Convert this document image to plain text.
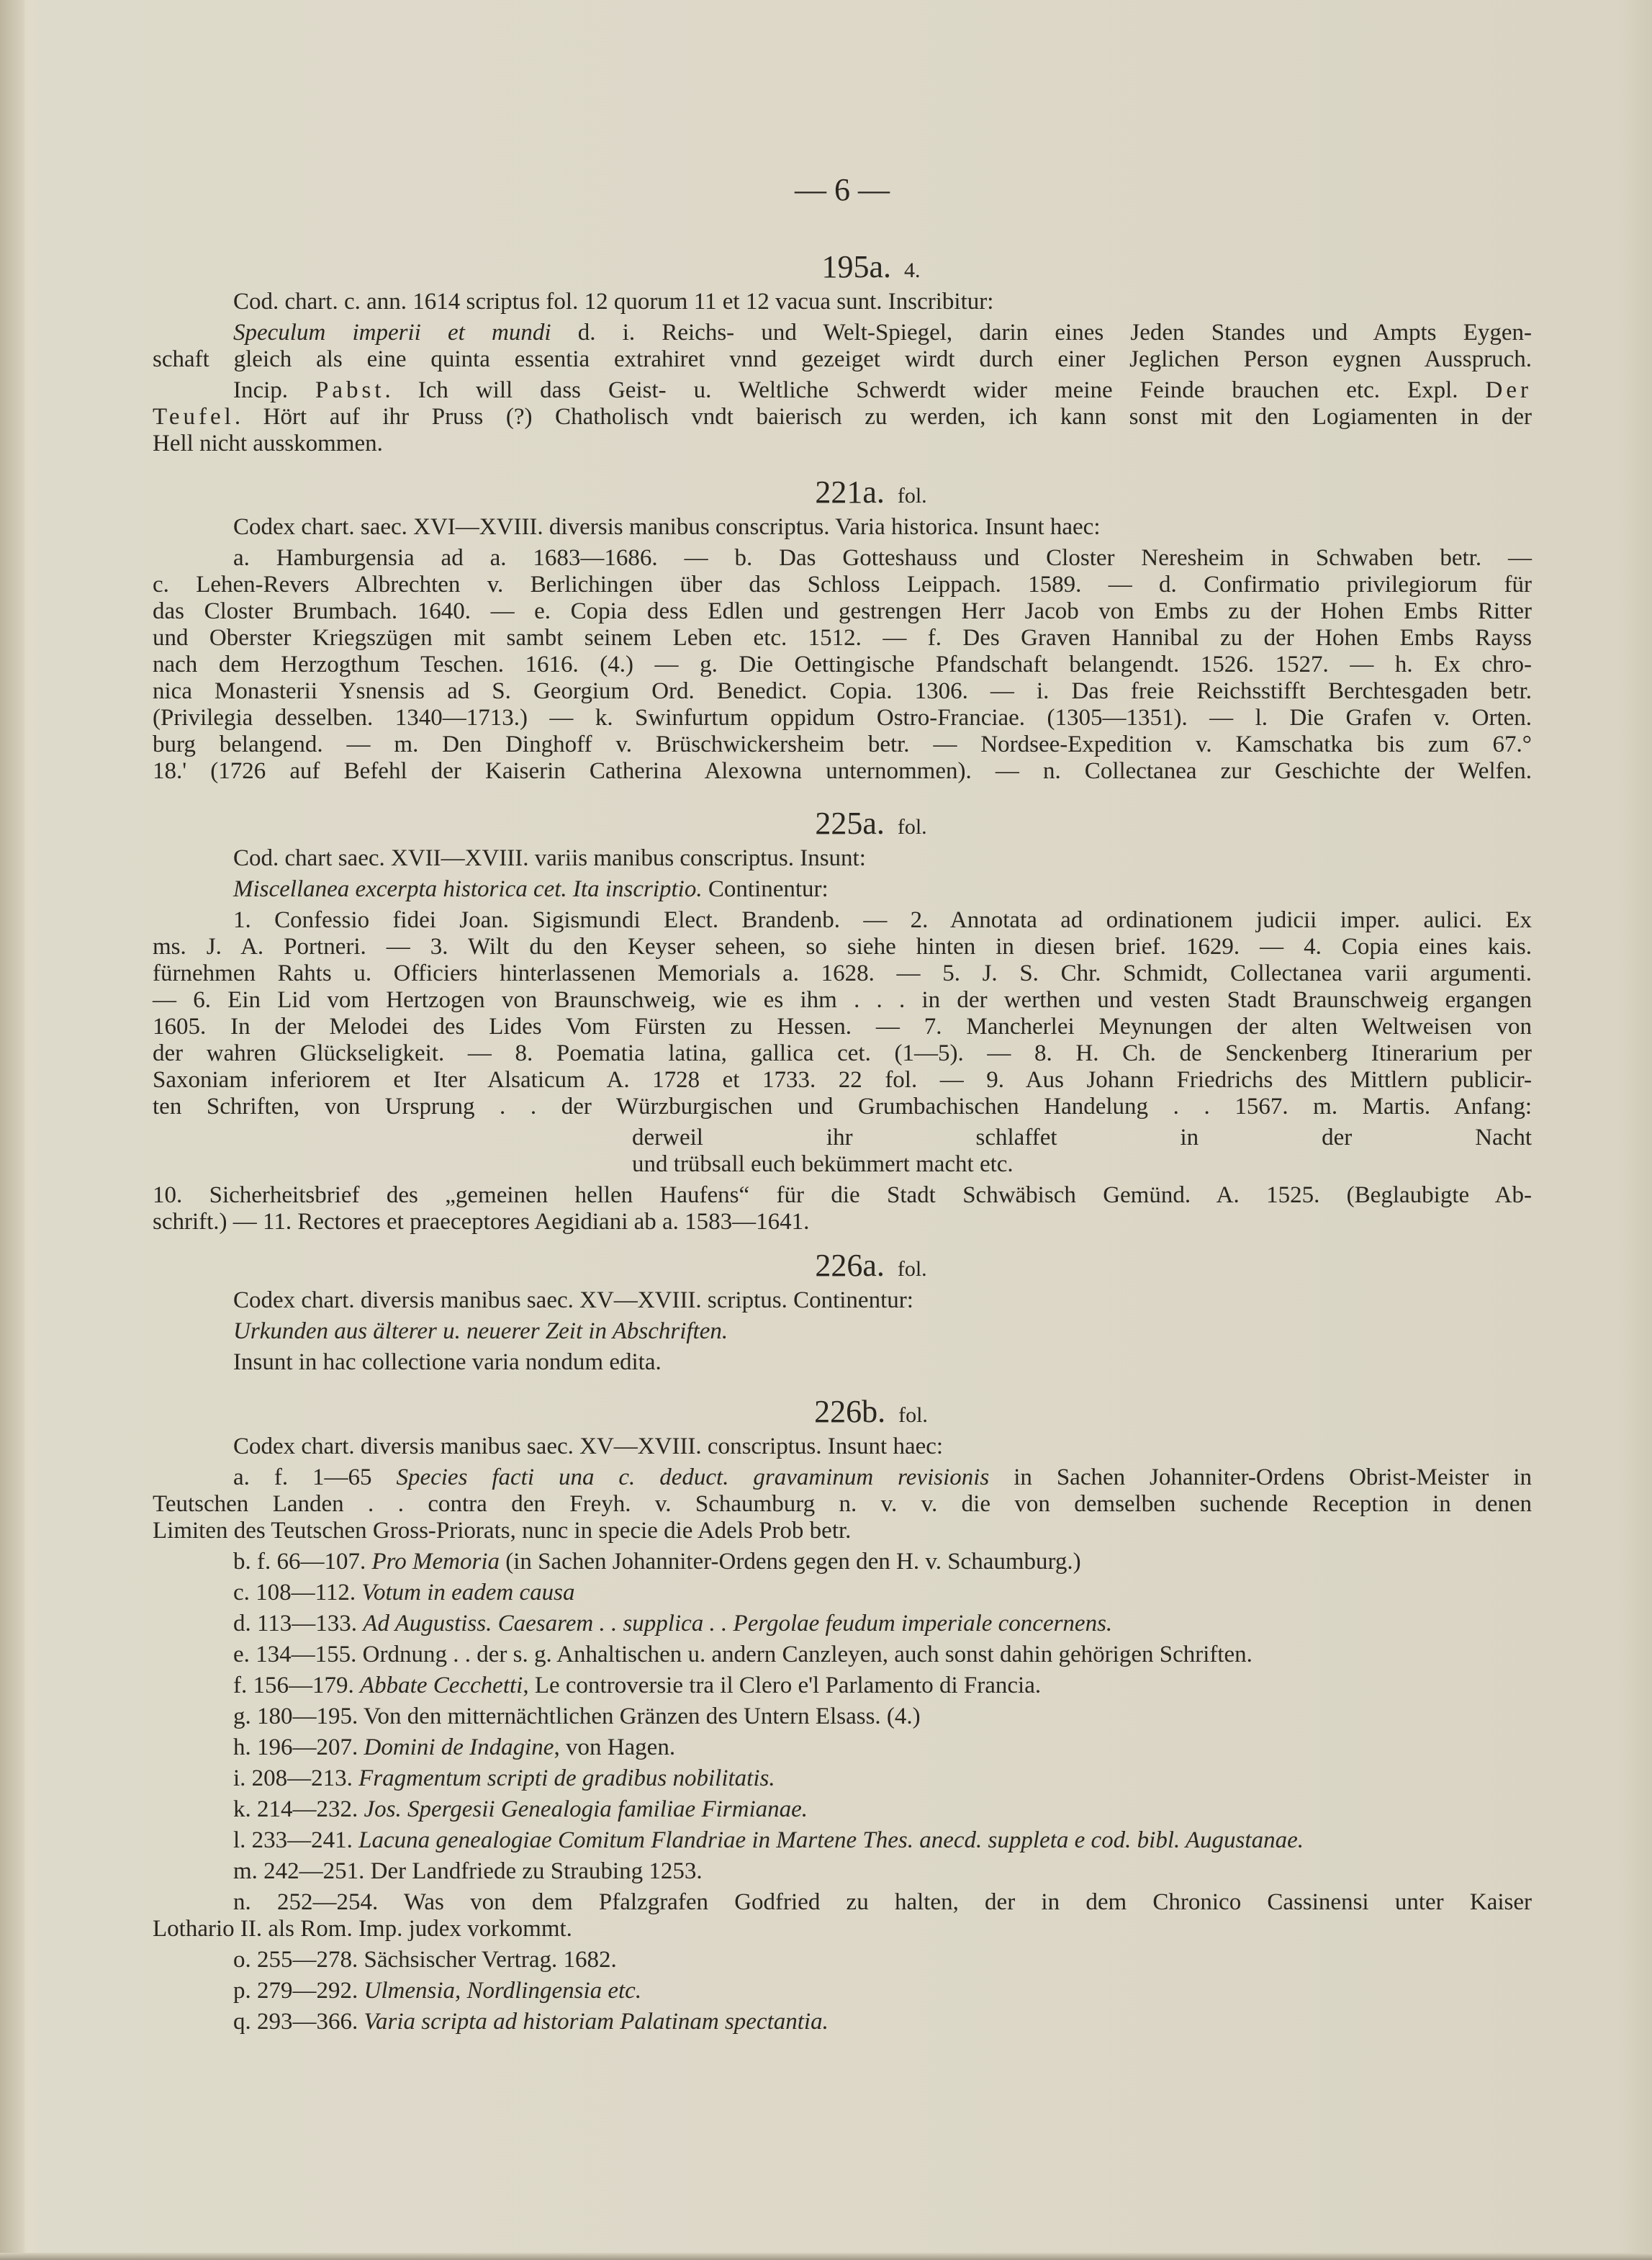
— 6 —
195a. 4.
Cod. chart. c. ann. 1614 scriptus fol. 12 quorum 11 et 12 vacua sunt. Inscribitur:
Speculum imperii et mundi d. i. Reichs- und Welt-Spiegel, darin eines Jeden Standes und Ampts Eygen-
schaft gleich als eine quinta essentia extrahiret vnnd gezeiget wirdt durch einer Jeglichen Person eygnen Ausspruch.
Incip. Pabst. Ich will dass Geist- u. Weltliche Schwerdt wider meine Feinde brauchen etc. Expl. Der
Teufel. Hört auf ihr Pruss (?) Chatholisch vndt baierisch zu werden, ich kann sonst mit den Logiamenten in der
Hell nicht ausskommen.
221a. fol.
Codex chart. saec. XVI—XVIII. diversis manibus conscriptus. Varia historica. Insunt haec:
a. Hamburgensia ad a. 1683—1686. — b. Das Gotteshauss und Closter Neresheim in Schwaben betr. —
c. Lehen-Revers Albrechten v. Berlichingen über das Schloss Leippach. 1589. — d. Confirmatio privilegiorum für
das Closter Brumbach. 1640. — e. Copia dess Edlen und gestrengen Herr Jacob von Embs zu der Hohen Embs Ritter
und Oberster Kriegszügen mit sambt seinem Leben etc. 1512. — f. Des Graven Hannibal zu der Hohen Embs Rayss
nach dem Herzogthum Teschen. 1616. (4.) — g. Die Oettingische Pfandschaft belangendt. 1526. 1527. — h. Ex chro-
nica Monasterii Ysnensis ad S. Georgium Ord. Benedict. Copia. 1306. — i. Das freie Reichsstifft Berchtesgaden betr.
(Privilegia desselben. 1340—1713.) — k. Swinfurtum oppidum Ostro-Franciae. (1305—1351). — l. Die Grafen v. Orten.
burg belangend. — m. Den Dinghoff v. Brüschwickersheim betr. — Nordsee-Expedition v. Kamschatka bis zum 67.°
18.' (1726 auf Befehl der Kaiserin Catherina Alexowna unternommen). — n. Collectanea zur Geschichte der Welfen.
225a. fol.
Cod. chart saec. XVII—XVIII. variis manibus conscriptus. Insunt:
Miscellanea excerpta historica cet. Ita inscriptio. Continentur:
1. Confessio fidei Joan. Sigismundi Elect. Brandenb. — 2. Annotata ad ordinationem judicii imper. aulici. Ex
ms. J. A. Portneri. — 3. Wilt du den Keyser seheen, so siehe hinten in diesen brief. 1629. — 4. Copia eines kais.
fürnehmen Rahts u. Officiers hinterlassenen Memorials a. 1628. — 5. J. S. Chr. Schmidt, Collectanea varii argumenti.
— 6. Ein Lid vom Hertzogen von Braunschweig, wie es ihm . . . in der werthen und vesten Stadt Braunschweig ergangen
1605. In der Melodei des Lides Vom Fürsten zu Hessen. — 7. Mancherlei Meynungen der alten Weltweisen von
der wahren Glückseligkeit. — 8. Poematia latina, gallica cet. (1—5). — 8. H. Ch. de Senckenberg Itinerarium per
Saxoniam inferiorem et Iter Alsaticum A. 1728 et 1733. 22 fol. — 9. Aus Johann Friedrichs des Mittlern publicir-
ten Schriften, von Ursprung . . der Würzburgischen und Grumbachischen Handelung . . 1567. m. Martis. Anfang:
derweil ihr schlaffet in der Nacht
und trübsall euch bekümmert macht etc.
10. Sicherheitsbrief des „gemeinen hellen Haufens“ für die Stadt Schwäbisch Gemünd. A. 1525. (Beglaubigte Ab-
schrift.) — 11. Rectores et praeceptores Aegidiani ab a. 1583—1641.
226a. fol.
Codex chart. diversis manibus saec. XV—XVIII. scriptus. Continentur:
Urkunden aus älterer u. neuerer Zeit in Abschriften.
Insunt in hac collectione varia nondum edita.
226b. fol.
Codex chart. diversis manibus saec. XV—XVIII. conscriptus. Insunt haec:
a. f. 1—65 Species facti una c. deduct. gravaminum revisionis in Sachen Johanniter-Ordens Obrist-Meister in
Teutschen Landen . . contra den Freyh. v. Schaumburg n. v. v. die von demselben suchende Reception in denen
Limiten des Teutschen Gross-Priorats, nunc in specie die Adels Prob betr.
b. f. 66—107. Pro Memoria (in Sachen Johanniter-Ordens gegen den H. v. Schaumburg.)
c. 108—112. Votum in eadem causa
d. 113—133. Ad Augustiss. Caesarem . . supplica . . Pergolae feudum imperiale concernens.
e. 134—155. Ordnung . . der s. g. Anhaltischen u. andern Canzleyen, auch sonst dahin gehörigen Schriften.
f. 156—179. Abbate Cecchetti, Le controversie tra il Clero e'l Parlamento di Francia.
g. 180—195. Von den mitternächtlichen Gränzen des Untern Elsass. (4.)
h. 196—207. Domini de Indagine, von Hagen.
i. 208—213. Fragmentum scripti de gradibus nobilitatis.
k. 214—232. Jos. Spergesii Genealogia familiae Firmianae.
l. 233—241. Lacuna genealogiae Comitum Flandriae in Martene Thes. anecd. suppleta e cod. bibl. Augustanae.
m. 242—251. Der Landfriede zu Straubing 1253.
n. 252—254. Was von dem Pfalzgrafen Godfried zu halten, der in dem Chronico Cassinensi unter Kaiser
Lothario II. als Rom. Imp. judex vorkommt.
o. 255—278. Sächsischer Vertrag. 1682.
p. 279—292. Ulmensia, Nordlingensia etc.
q. 293—366. Varia scripta ad historiam Palatinam spectantia.
